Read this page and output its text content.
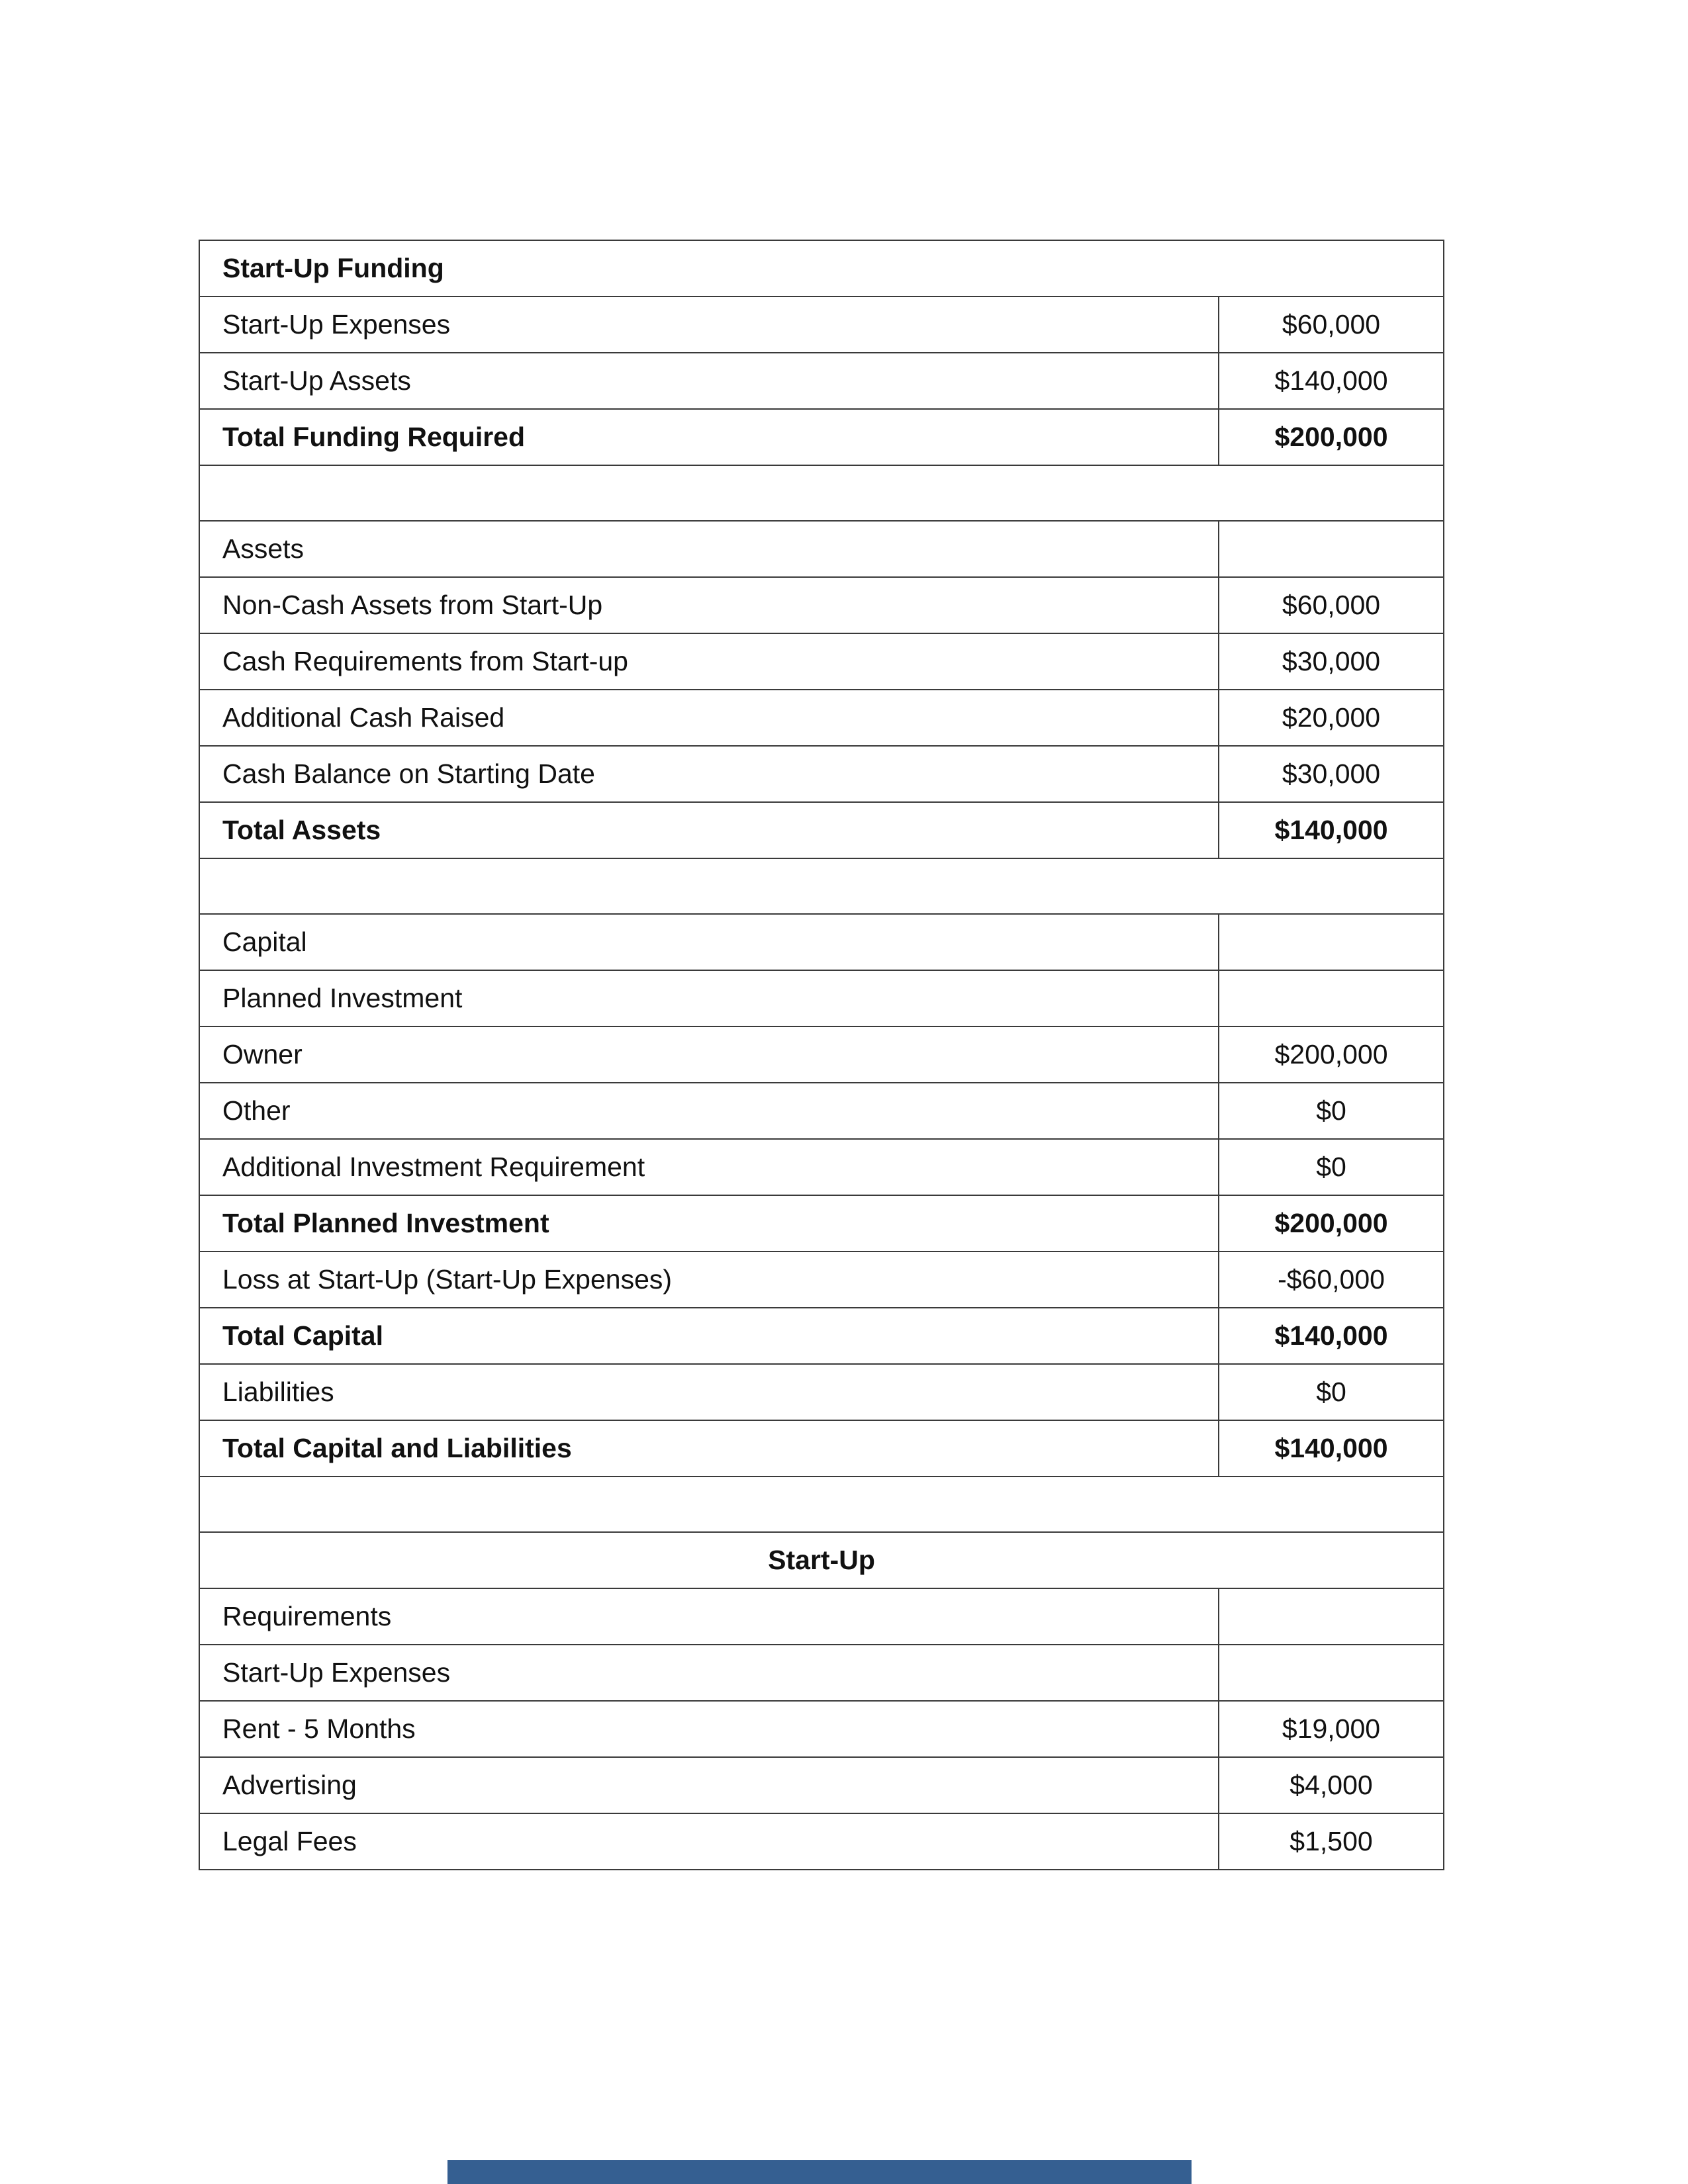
Start-Up Funding	
Start-Up Expenses	$60,000
Start-Up Assets	$140,000
Total Funding Required	$200,000

Assets	
Non-Cash Assets from Start-Up	$60,000
Cash Requirements from Start-up	$30,000
Additional Cash Raised	$20,000
Cash Balance on Starting Date	$30,000
Total Assets	$140,000

Capital	
Planned Investment	
Owner	$200,000
Other	$0
Additional Investment Requirement	$0
Total Planned Investment	$200,000
Loss at Start-Up (Start-Up Expenses)	-$60,000
Total Capital	$140,000
Liabilities	$0
Total Capital and Liabilities	$140,000

Start-Up	
Requirements	
Start-Up Expenses	
Rent - 5 Months	$19,000
Advertising	$4,000
Legal Fees	$1,500
